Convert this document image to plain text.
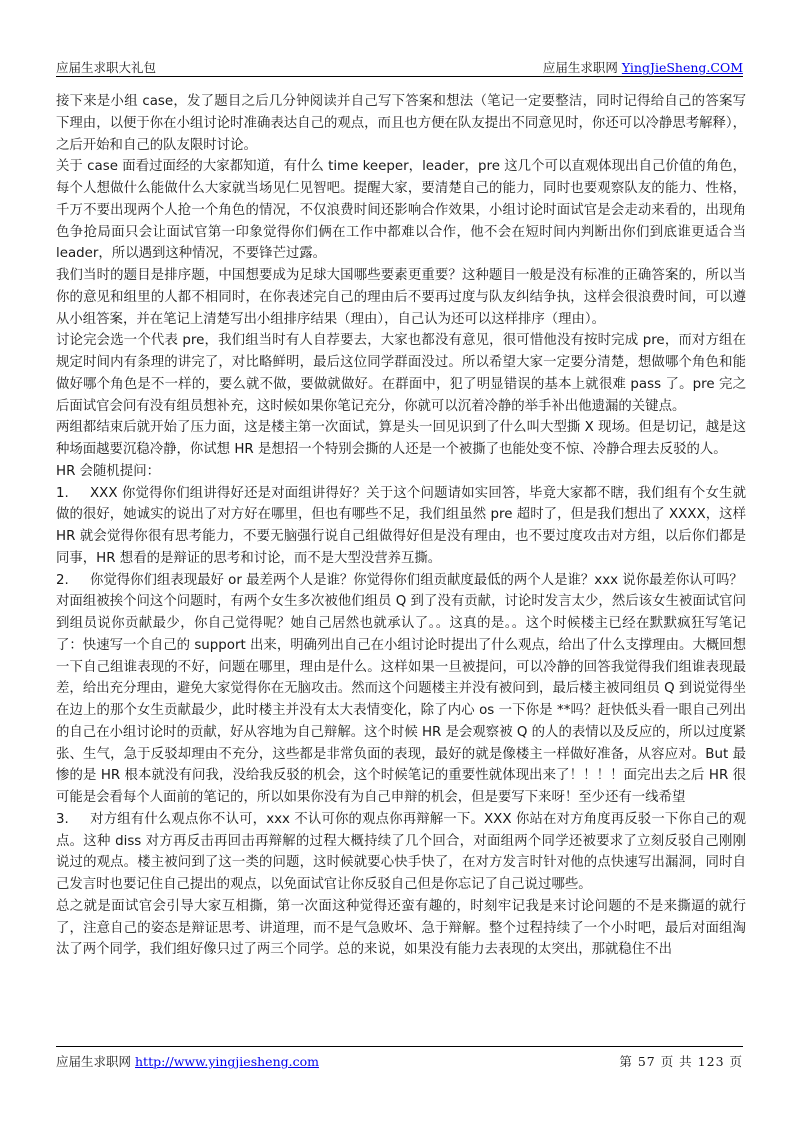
应届生求职大礼包	应届生求职网 YingJieSheng.COM

接下来是小组 case，发了题目之后几分钟阅读并自己写下答案和想法（笔记一定要整洁，同时记得给自己的答案写下理由，以便于你在小组讨论时准确表达自己的观点，而且也方便在队友提出不同意见时，你还可以冷静思考解释），之后开始和自己的队友限时讨论。

关于 case 面看过面经的大家都知道，有什么 time keeper，leader，pre 这几个可以直观体现出自己价值的角色，每个人想做什么能做什么大家就当场见仁见智吧。提醒大家，要清楚自己的能力，同时也要观察队友的能力、性格，千万不要出现两个人抢一个角色的情况，不仅浪费时间还影响合作效果，小组讨论时面试官是会走动来看的，出现角色争抢局面只会让面试官第一印象觉得你们俩在工作中都难以合作，他不会在短时间内判断出你们到底谁更适合当 leader，所以遇到这种情况，不要锋芒过露。

我们当时的题目是排序题，中国想要成为足球大国哪些要素更重要？这种题目一般是没有标准的正确答案的，所以当你的意见和组里的人都不相同时，在你表述完自己的理由后不要再过度与队友纠结争执，这样会很浪费时间，可以遵从小组答案，并在笔记上清楚写出小组排序结果（理由），自己认为还可以这样排序（理由）。

讨论完会选一个代表 pre，我们组当时有人自荐要去，大家也都没有意见，很可惜他没有按时完成 pre，而对方组在规定时间内有条理的讲完了，对比略鲜明，最后这位同学群面没过。所以希望大家一定要分清楚，想做哪个角色和能做好哪个角色是不一样的，要么就不做，要做就做好。在群面中，犯了明显错误的基本上就很难 pass 了。pre 完之后面试官会问有没有组员想补充，这时候如果你笔记充分，你就可以沉着冷静的举手补出他遗漏的关键点。

两组都结束后就开始了压力面，这是楼主第一次面试，算是头一回见识到了什么叫大型撕 X 现场。但是切记，越是这种场面越要沉稳冷静，你试想 HR 是想招一个特别会撕的人还是一个被撕了也能处变不惊、冷静合理去反驳的人。

HR 会随机提问：

1. XXX 你觉得你们组讲得好还是对面组讲得好？关于这个问题请如实回答，毕竟大家都不瞎，我们组有个女生就做的很好，她诚实的说出了对方好在哪里，但也有哪些不足，我们组虽然 pre 超时了，但是我们想出了 XXXX，这样 HR 就会觉得你很有思考能力，不要无脑强行说自己组做得好但是没有理由，也不要过度攻击对方组，以后你们都是同事，HR 想看的是辩证的思考和讨论，而不是大型没营养互撕。

2. 你觉得你们组表现最好 or 最差两个人是谁？你觉得你们组贡献度最低的两个人是谁？xxx 说你最差你认可吗？

对面组被挨个问这个问题时，有两个女生多次被他们组员 Q 到了没有贡献，讨论时发言太少，然后该女生被面试官问到组员说你贡献最少，你自己觉得呢？她自己居然也就承认了。。这真的是。。这个时候楼主已经在默默疯狂写笔记了：快速写一个自己的 support 出来，明确列出自己在小组讨论时提出了什么观点，给出了什么支撑理由。大概回想一下自己组谁表现的不好，问题在哪里，理由是什么。这样如果一旦被提问，可以冷静的回答我觉得我们组谁表现最差，给出充分理由，避免大家觉得你在无脑攻击。然而这个问题楼主并没有被问到，最后楼主被同组员 Q 到说觉得坐在边上的那个女生贡献最少，此时楼主并没有太大表情变化，除了内心 os 一下你是 **吗？赶快低头看一眼自己列出的自己在小组讨论时的贡献，好从容地为自己辩解。这个时候 HR 是会观察被 Q 的人的表情以及反应的，所以过度紧张、生气，急于反驳却理由不充分，这些都是非常负面的表现，最好的就是像楼主一样做好准备，从容应对。But 最惨的是 HR 根本就没有问我，没给我反驳的机会，这个时候笔记的重要性就体现出来了！！！！面完出去之后 HR 很可能是会看每个人面前的笔记的，所以如果你没有为自己申辩的机会，但是要写下来呀！至少还有一线希望

3. 对方组有什么观点你不认可，xxx 不认可你的观点你再辩解一下。XXX 你站在对方角度再反驳一下你自己的观点。这种 diss 对方再反击再回击再辩解的过程大概持续了几个回合，对面组两个同学还被要求了立刻反驳自己刚刚说过的观点。楼主被问到了这一类的问题，这时候就要心快手快了，在对方发言时针对他的点快速写出漏洞，同时自己发言时也要记住自己提出的观点，以免面试官让你反驳自己但是你忘记了自己说过哪些。

总之就是面试官会引导大家互相撕，第一次面这种觉得还蛮有趣的，时刻牢记我是来讨论问题的不是来撕逼的就行了，注意自己的姿态是辩证思考、讲道理，而不是气急败坏、急于辩解。整个过程持续了一个小时吧，最后对面组淘汰了两个同学，我们组好像只过了两三个同学。总的来说，如果没有能力去表现的太突出，那就稳住不出

应届生求职网 http://www.yingjiesheng.com	第 57 页 共 123 页
